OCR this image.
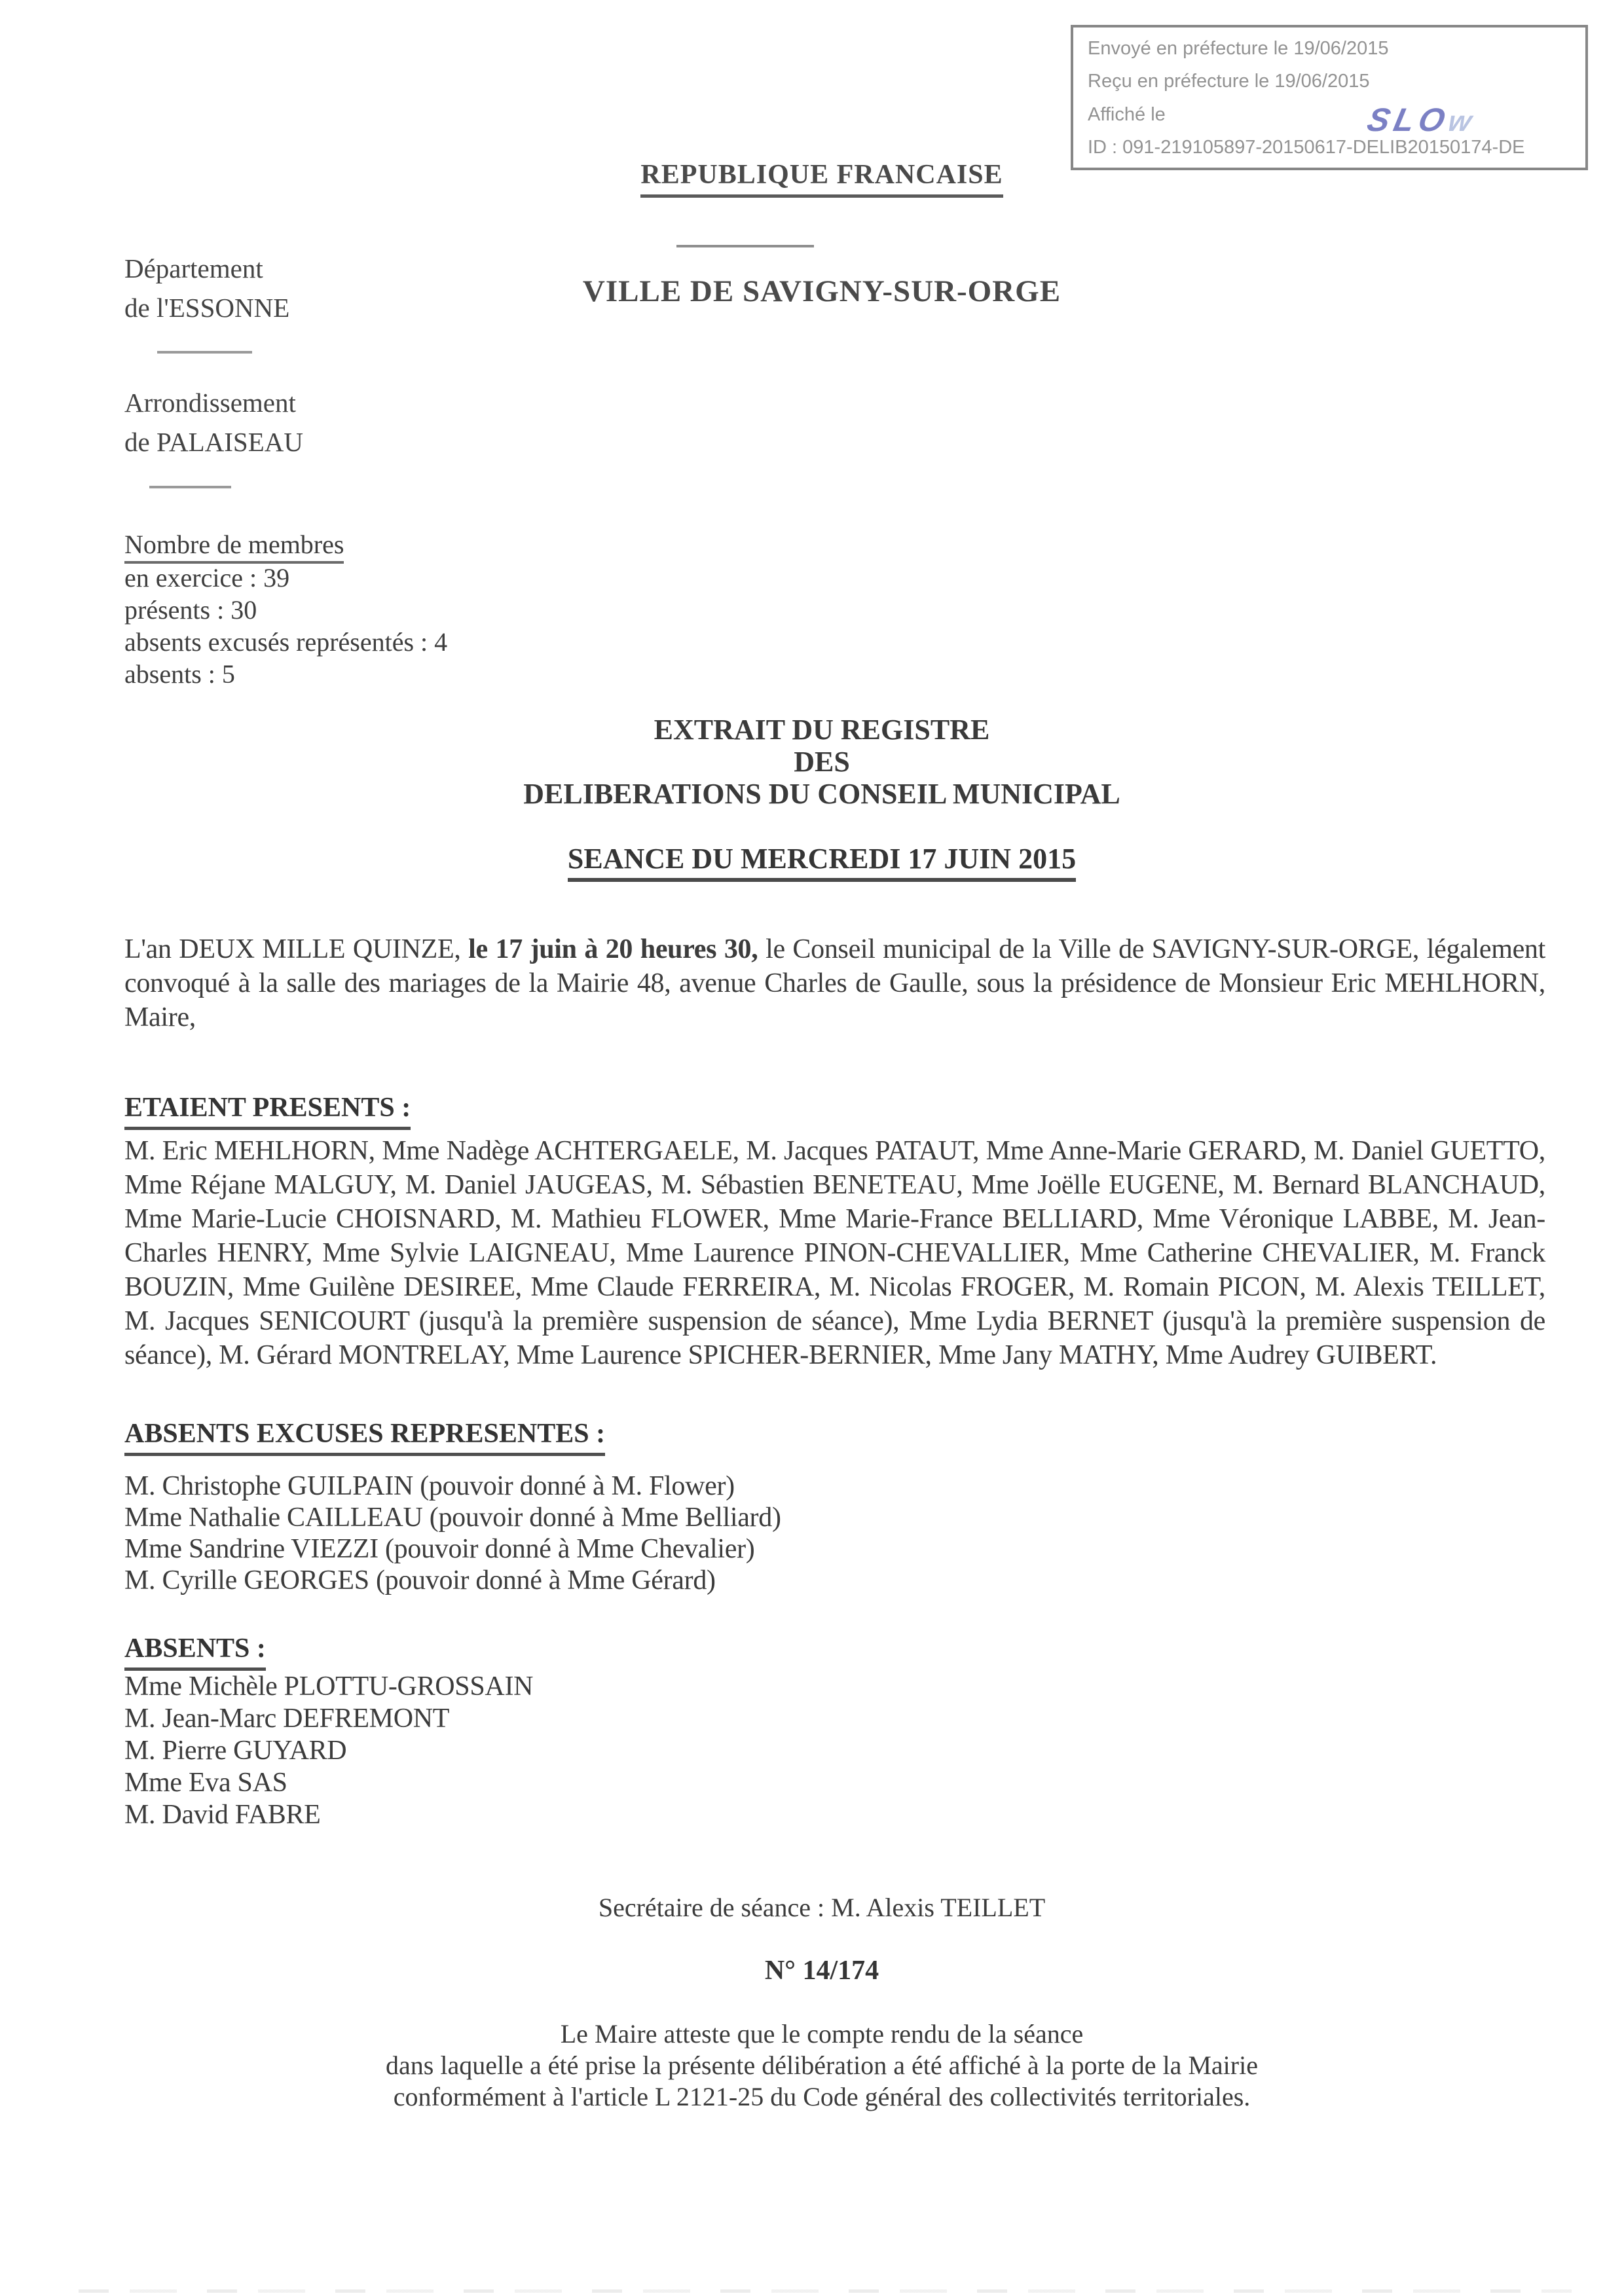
Envoyé en préfecture le 19/06/2015
Reçu en préfecture le 19/06/2015
Affiché le
ID : 091-219105897-20150617-DELIB20150174-DE
SLOw
REPUBLIQUE FRANCAISE
VILLE DE SAVIGNY-SUR-ORGE
Département
de l'ESSONNE
Arrondissement
de PALAISEAU
Nombre de membres
en exercice : 39
présents : 30
absents excusés représentés : 4
absents : 5
EXTRAIT DU REGISTRE
DES
DELIBERATIONS DU CONSEIL MUNICIPAL
SEANCE DU MERCREDI 17 JUIN 2015
L'an DEUX MILLE QUINZE, le 17 juin à 20 heures 30, le Conseil municipal de la Ville de SAVIGNY-SUR-ORGE, légalement convoqué à la salle des mariages de la Mairie 48, avenue Charles de Gaulle, sous la présidence de Monsieur Eric MEHLHORN, Maire,
ETAIENT PRESENTS :
M. Eric MEHLHORN, Mme Nadège ACHTERGAELE, M. Jacques PATAUT, Mme Anne-Marie GERARD, M. Daniel GUETTO, Mme Réjane MALGUY, M. Daniel JAUGEAS, M. Sébastien BENETEAU, Mme Joëlle EUGENE, M. Bernard BLANCHAUD, Mme Marie-Lucie CHOISNARD, M. Mathieu FLOWER, Mme Marie-France BELLIARD, Mme Véronique LABBE, M. Jean-Charles HENRY, Mme Sylvie LAIGNEAU, Mme Laurence PINON-CHEVALLIER, Mme Catherine CHEVALIER, M. Franck BOUZIN, Mme Guilène DESIREE, Mme Claude FERREIRA, M. Nicolas FROGER, M. Romain PICON, M. Alexis TEILLET, M. Jacques SENICOURT (jusqu'à la première suspension de séance), Mme Lydia BERNET (jusqu'à la première suspension de séance), M. Gérard MONTRELAY, Mme Laurence SPICHER-BERNIER, Mme Jany MATHY, Mme Audrey GUIBERT.
ABSENTS EXCUSES REPRESENTES :
M. Christophe GUILPAIN (pouvoir donné à M. Flower)
Mme Nathalie CAILLEAU (pouvoir donné à Mme Belliard)
Mme Sandrine VIEZZI (pouvoir donné à Mme Chevalier)
M. Cyrille GEORGES (pouvoir donné à Mme Gérard)
ABSENTS :
Mme Michèle PLOTTU-GROSSAIN
M. Jean-Marc DEFREMONT
M. Pierre GUYARD
Mme Eva SAS
M. David FABRE
Secrétaire de séance : M. Alexis TEILLET
N° 14/174
Le Maire atteste que le compte rendu de la séance
dans laquelle a été prise la présente délibération a été affiché à la porte de la Mairie
conformément à l'article L 2121-25 du Code général des collectivités territoriales.
